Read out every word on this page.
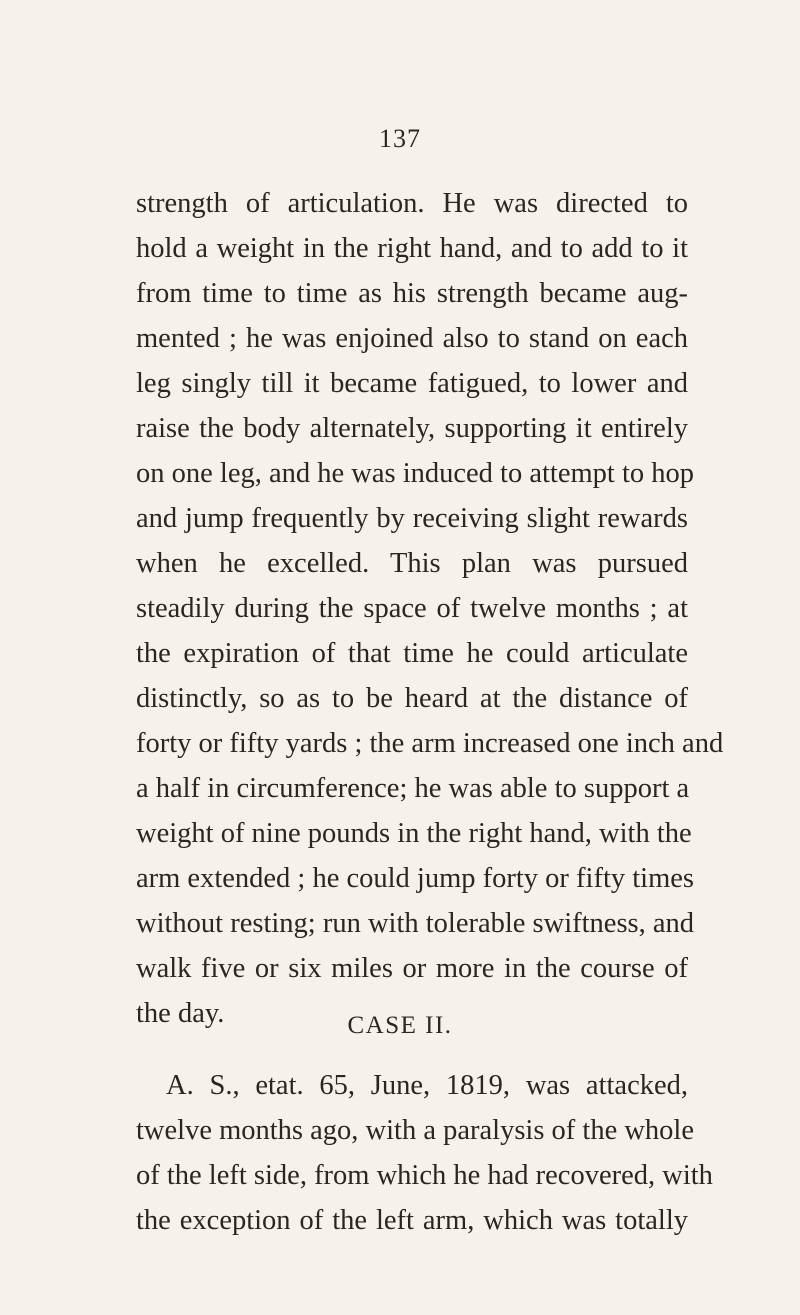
137
strength of articulation. He was directed to
hold a weight in the right hand, and to add to it
from time to time as his strength became aug-
mented ; he was enjoined also to stand on each
leg singly till it became fatigued, to lower and
raise the body alternately, supporting it entirely
on one leg, and he was induced to attempt to hop
and jump frequently by receiving slight rewards
when he excelled. This plan was pursued
steadily during the space of twelve months ; at
the expiration of that time he could articulate
distinctly, so as to be heard at the distance of
forty or fifty yards ; the arm increased one inch and
a half in circumference; he was able to support a
weight of nine pounds in the right hand, with the
arm extended ; he could jump forty or fifty times
without resting; run with tolerable swiftness, and
walk five or six miles or more in the course of
the day.	CASE II.
A. S., etat. 65, June, 1819, was attacked,
twelve months ago, with a paralysis of the whole
of the left side, from which he had recovered, with
the exception of the left arm, which was totally
